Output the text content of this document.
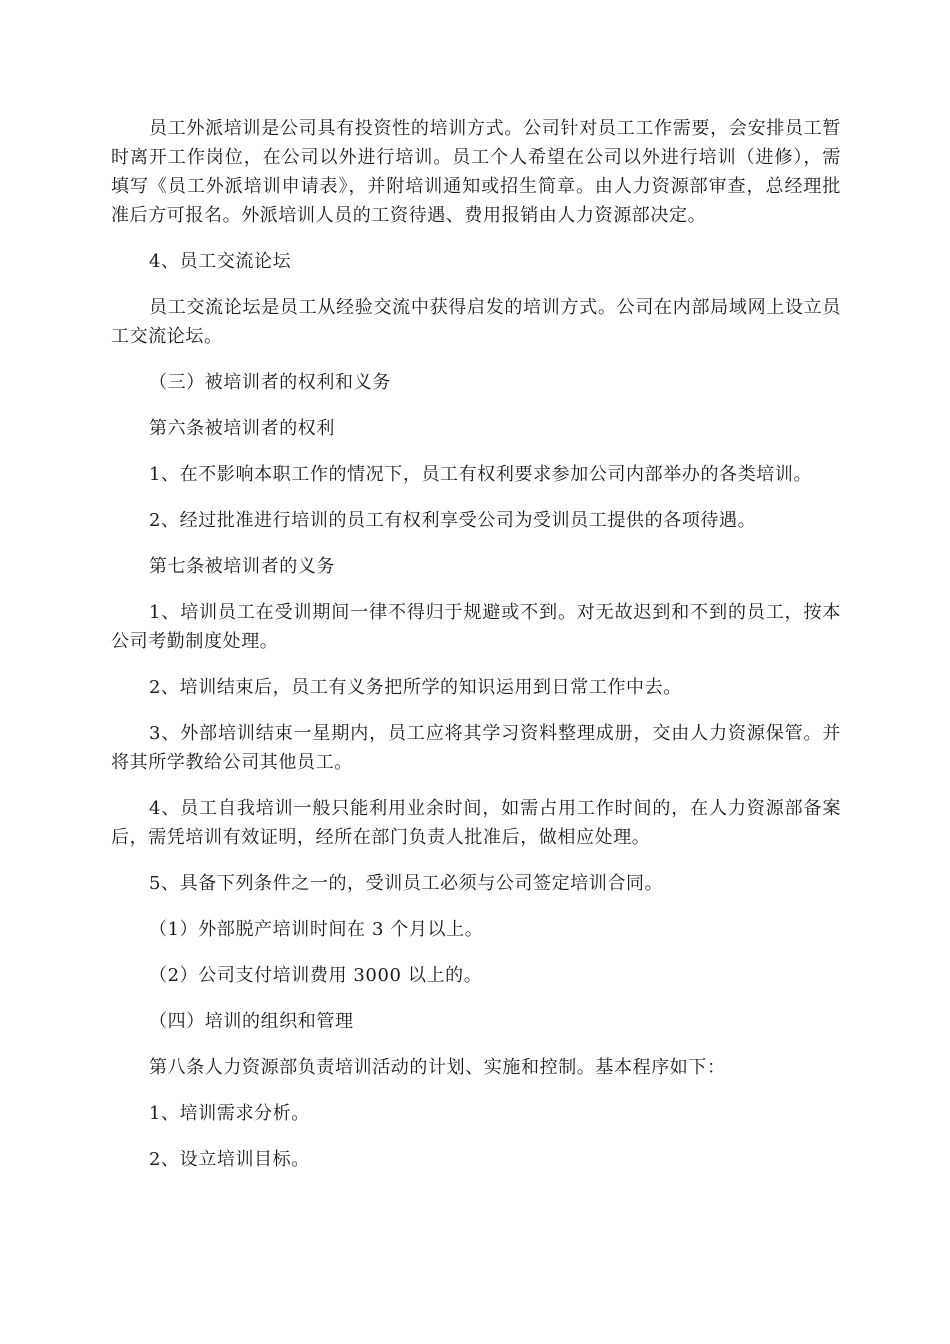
员工外派培训是公司具有投资性的培训方式。公司针对员工工作需要，会安排员工暂时离开工作岗位，在公司以外进行培训。员工个人希望在公司以外进行培训（进修），需填写《员工外派培训申请表》，并附培训通知或招生简章。由人力资源部审查，总经理批准后方可报名。外派培训人员的工资待遇、费用报销由人力资源部决定。

4、员工交流论坛

员工交流论坛是员工从经验交流中获得启发的培训方式。公司在内部局域网上设立员工交流论坛。

（三）被培训者的权利和义务

第六条被培训者的权利

1、在不影响本职工作的情况下，员工有权利要求参加公司内部举办的各类培训。

2、经过批准进行培训的员工有权利享受公司为受训员工提供的各项待遇。

第七条被培训者的义务

1、培训员工在受训期间一律不得归于规避或不到。对无故迟到和不到的员工，按本公司考勤制度处理。

2、培训结束后，员工有义务把所学的知识运用到日常工作中去。

3、外部培训结束一星期内，员工应将其学习资料整理成册，交由人力资源保管。并将其所学教给公司其他员工。

4、员工自我培训一般只能利用业余时间，如需占用工作时间的，在人力资源部备案后，需凭培训有效证明，经所在部门负责人批准后，做相应处理。

5、具备下列条件之一的，受训员工必须与公司签定培训合同。

（1）外部脱产培训时间在 3 个月以上。

（2）公司支付培训费用 3000 以上的。

（四）培训的组织和管理

第八条人力资源部负责培训活动的计划、实施和控制。基本程序如下：

1、培训需求分析。

2、设立培训目标。
